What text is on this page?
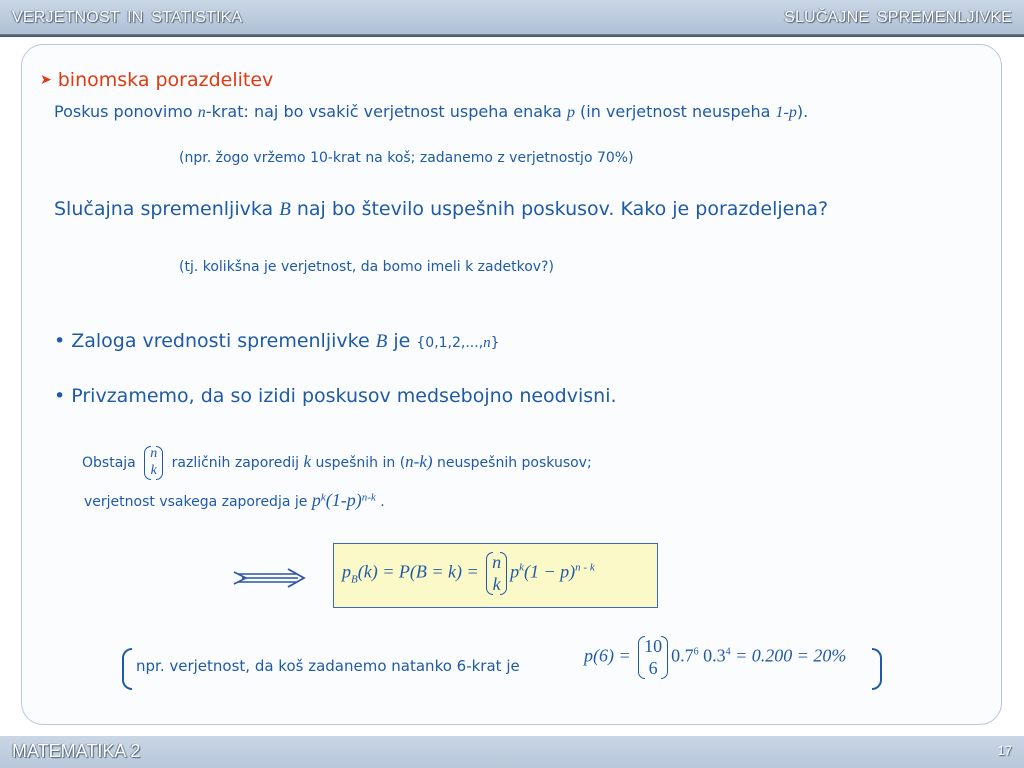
VERJETNOST IN STATISTIKA	SLUČAJNE SPREMENLJIVKE
➤ binomska porazdelitev
Poskus ponovimo n-krat: naj bo vsakič verjetnost uspeha enaka p (in verjetnost neuspeha 1-p).
(npr. žogo vržemo 10-krat na koš; zadanemo z verjetnostjo 70%)
Slučajna spremenljivka B naj bo število uspešnih poskusov. Kako je porazdeljena?
(tj. kolikšna je verjetnost, da bomo imeli k zadetkov?)
• Zaloga vrednosti spremenljivke B je {0,1,2,...,n}
• Privzamemo, da so izidi poskusov medsebojno neodvisni.
Obstaja
n
k različnih zaporedij k uspešnih in (n-k) neuspešnih poskusov;
verjetnost vsakega zaporedja je $p^k(1-p)^{n-k}$ .
$p_B(k) = P(B = k) = n$
k
$p^k(1 - p)^{n - k}$
npr. verjetnost, da koš zadanemo natanko 6-krat je
p(6) = 10
6
$0.7^6$ $0.3^4 = 0.200 = 20\%$
MATEMATIKA 2	17
